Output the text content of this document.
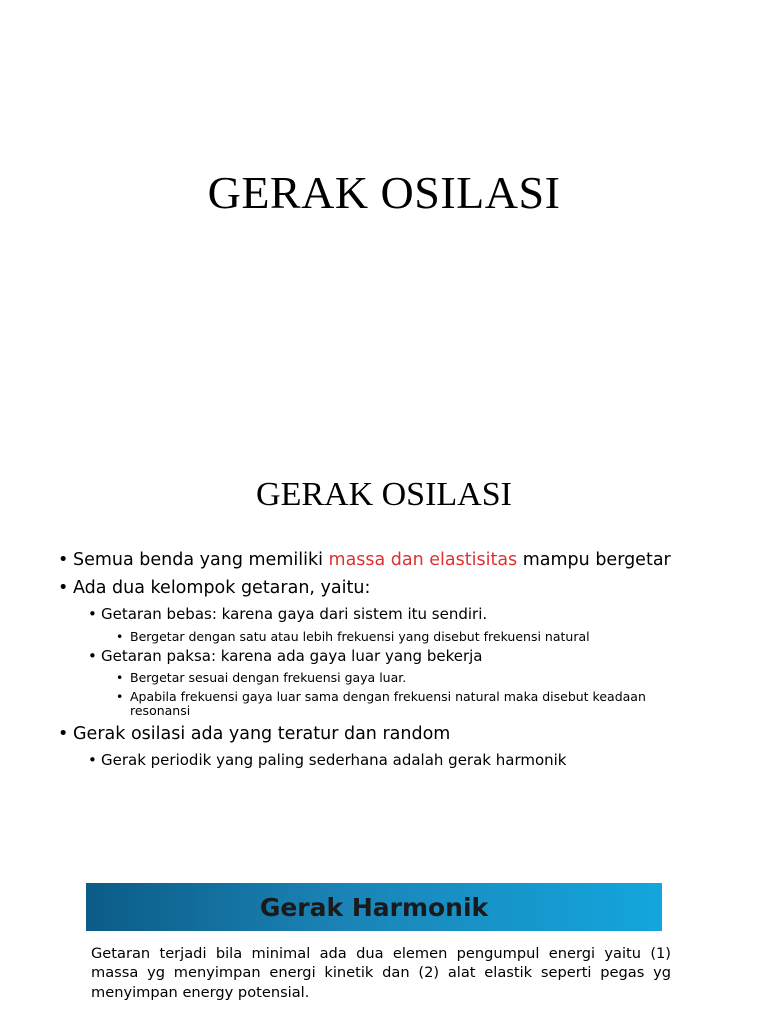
GERAK OSILASI
GERAK OSILASI
• Semua benda yang memiliki massa dan elastisitas mampu bergetar
• Ada dua kelompok getaran, yaitu:
• Getaran bebas: karena gaya dari sistem itu sendiri.
• Bergetar dengan satu atau lebih frekuensi yang disebut frekuensi natural
• Getaran paksa: karena ada gaya luar yang bekerja
• Bergetar sesuai dengan frekuensi gaya luar.
• Apabila frekuensi gaya luar sama dengan frekuensi natural maka disebut keadaan resonansi
• Gerak osilasi ada yang teratur dan random
• Gerak periodik yang paling sederhana adalah gerak harmonik
Gerak Harmonik
Getaran terjadi bila minimal ada dua elemen pengumpul energi yaitu (1) massa yg menyimpan energi kinetik dan (2) alat elastik seperti pegas yg menyimpan energy potensial.
